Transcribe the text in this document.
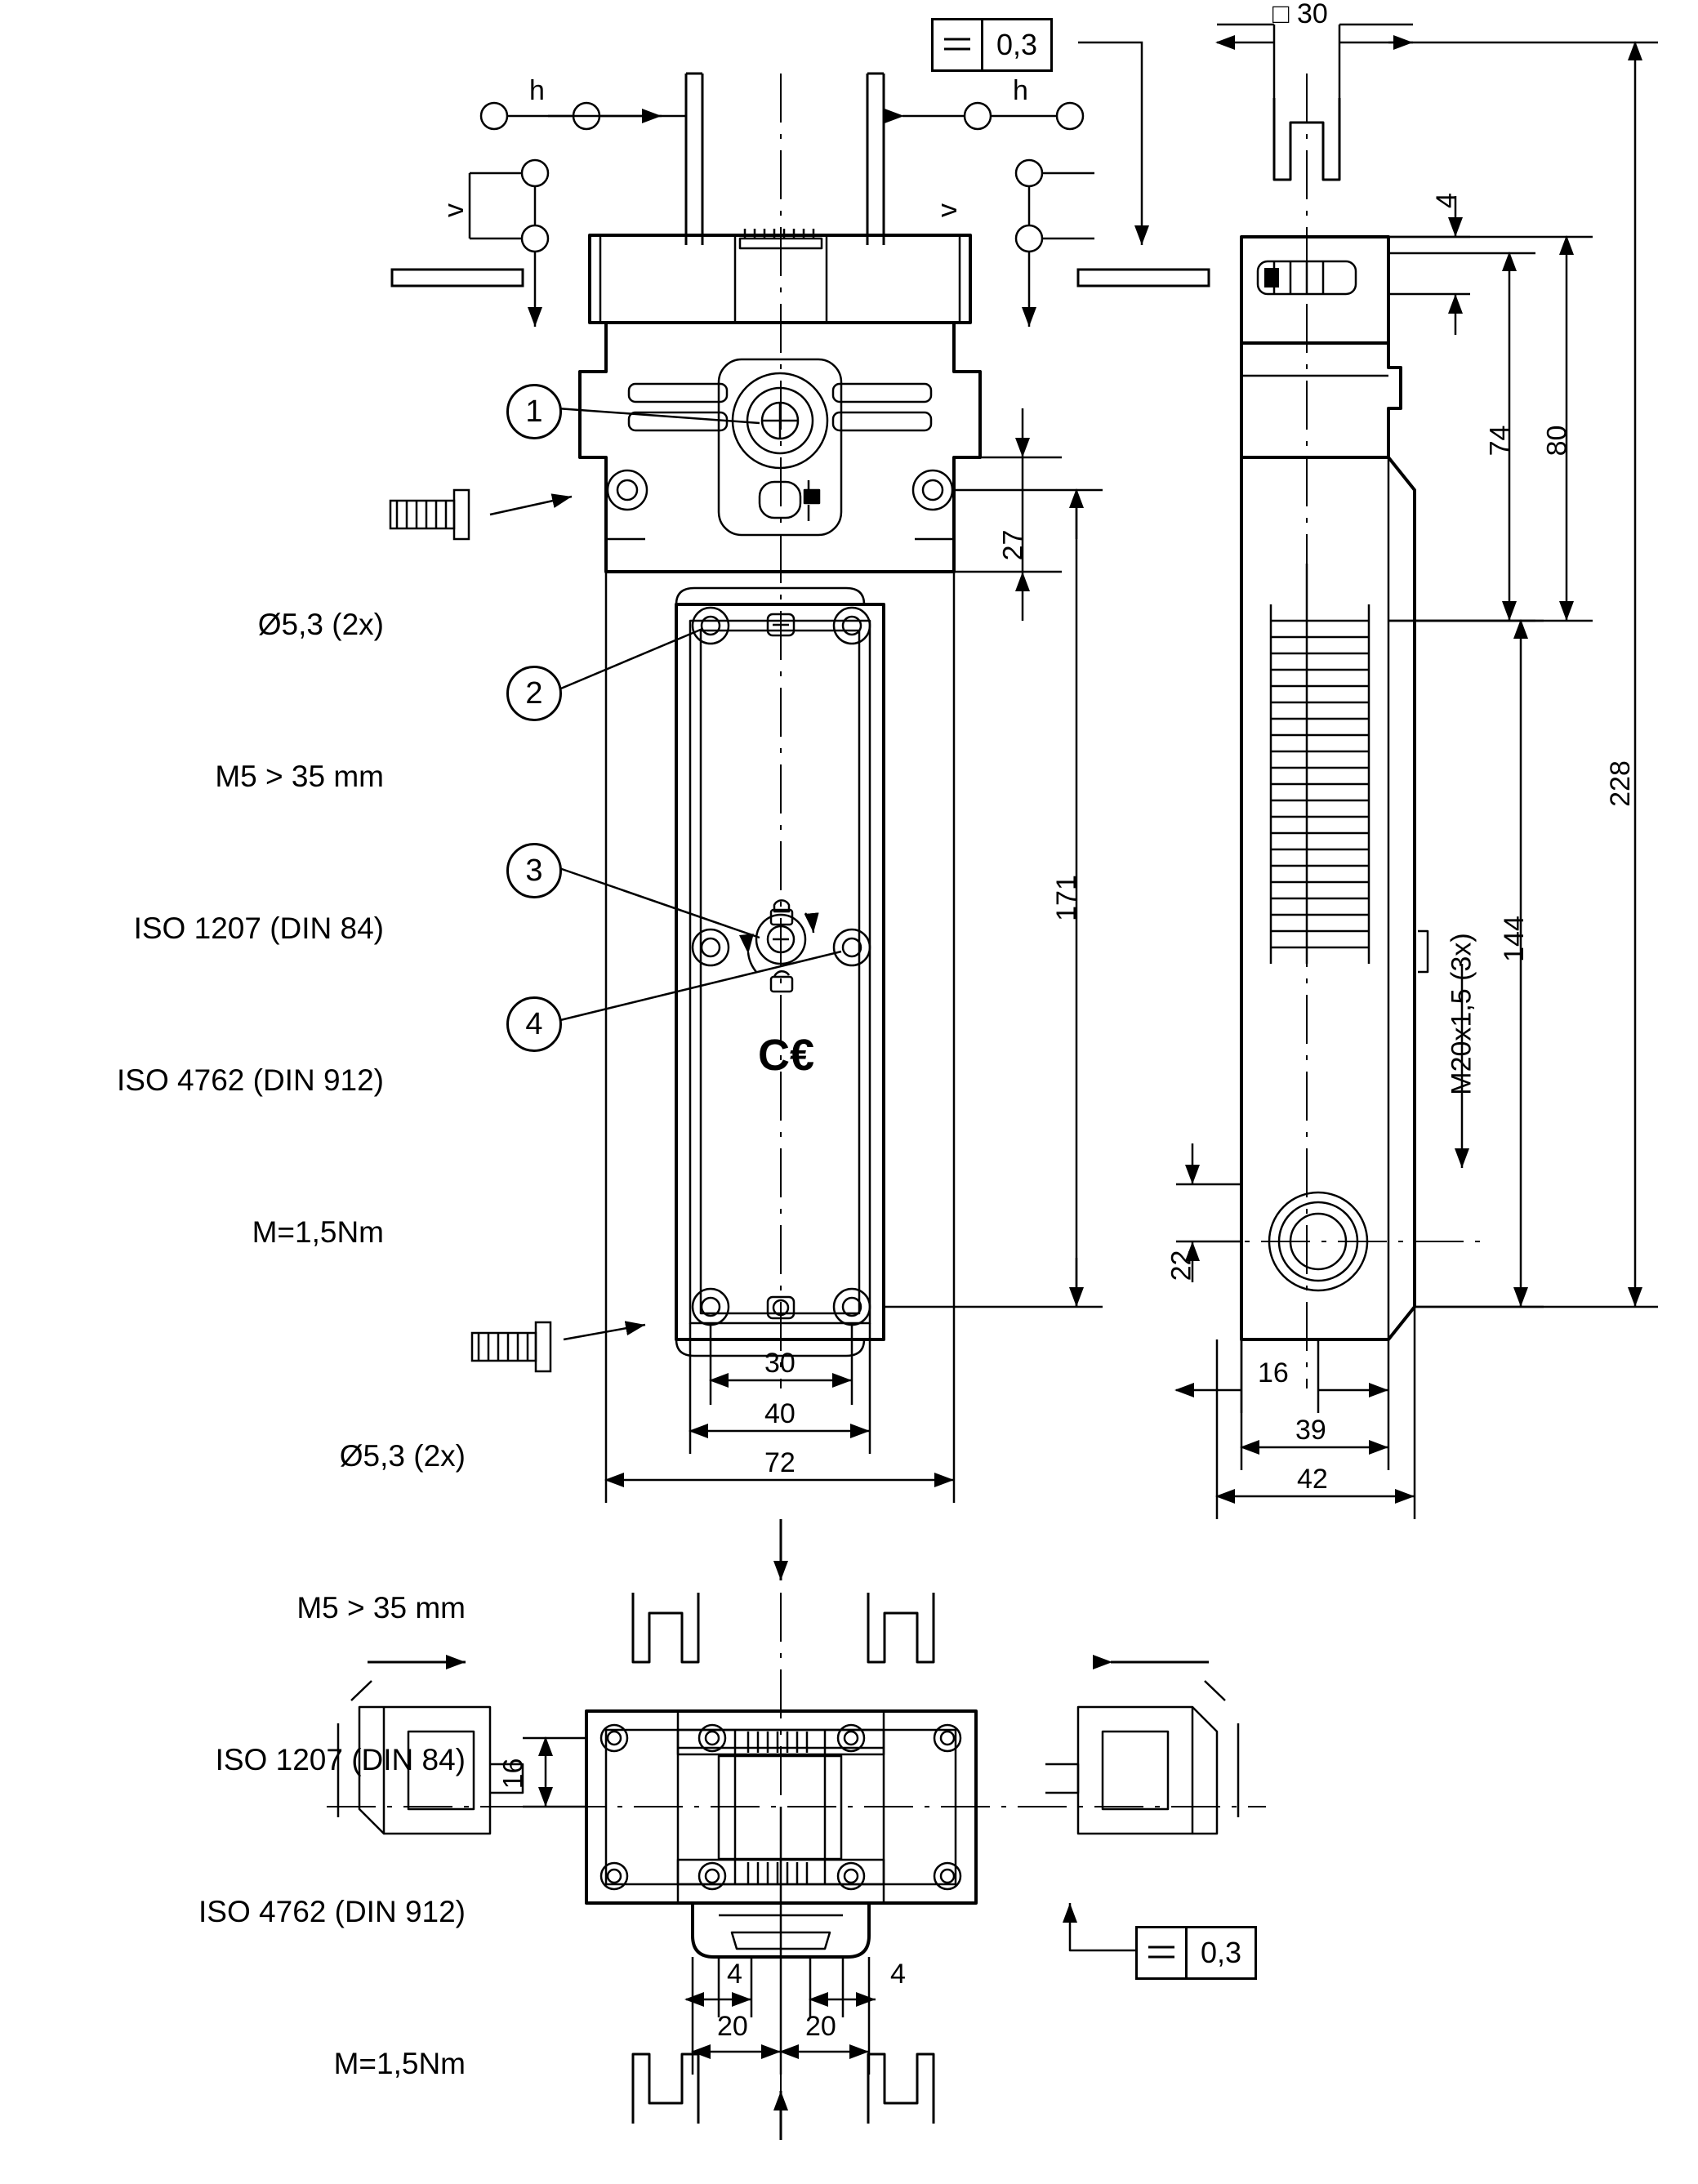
C€
1
2
3
4
0,3
0,3

Ø5,3 (2x)

M5 > 35 mm

ISO 1207 (DIN 84)

ISO 4762 (DIN 912)

M=1,5Nm

Ø5,3 (2x)

M5 > 35 mm

ISO 1207 (DIN 84)

ISO 4762 (DIN 912)

M=1,5Nm

h	h
v	v
27
171
30
40
72
□ 30
4
74 80
228
144
22
16
39
42
M20x1,5 (3x)
16
4	4
20 20
